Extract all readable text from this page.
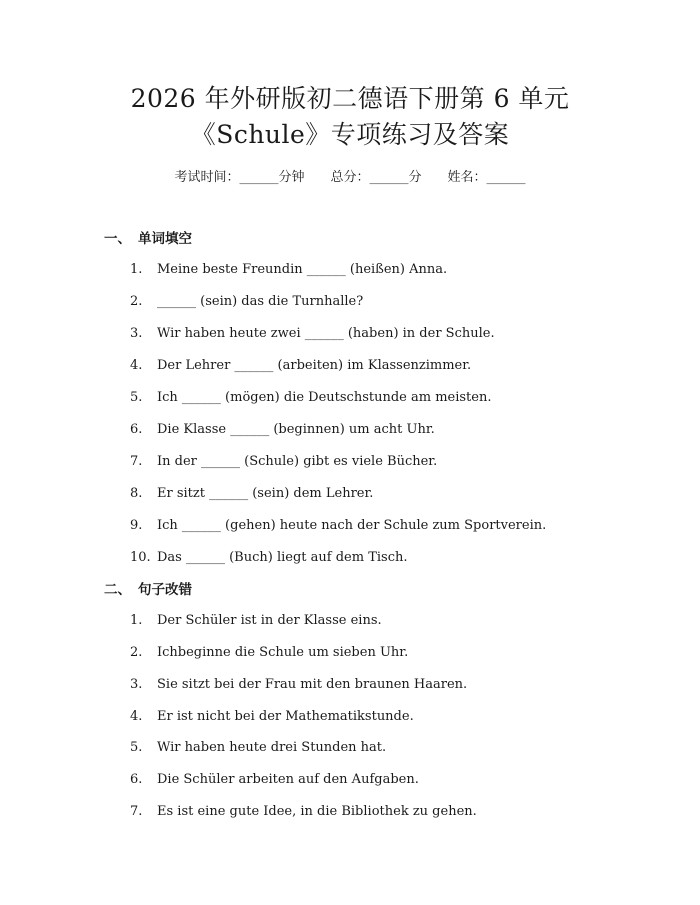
2026 年外研版初二德语下册第 6 单元
《Schule》专项练习及答案
考试时间：______分钟 总分：______分 姓名：______
一、 单词填空
1. Meine beste Freundin ______ (heißen) Anna.
2. ______ (sein) das die Turnhalle?
3. Wir haben heute zwei ______ (haben) in der Schule.
4. Der Lehrer ______ (arbeiten) im Klassenzimmer.
5. Ich ______ (mögen) die Deutschstunde am meisten.
6. Die Klasse ______ (beginnen) um acht Uhr.
7. In der ______ (Schule) gibt es viele Bücher.
8. Er sitzt ______ (sein) dem Lehrer.
9. Ich ______ (gehen) heute nach der Schule zum Sportverein.
10. Das ______ (Buch) liegt auf dem Tisch.
二、 句子改错
1. Der Schüler ist in der Klasse eins.
2. Ichbeginne die Schule um sieben Uhr.
3. Sie sitzt bei der Frau mit den braunen Haaren.
4. Er ist nicht bei der Mathematikstunde.
5. Wir haben heute drei Stunden hat.
6. Die Schüler arbeiten auf den Aufgaben.
7. Es ist eine gute Idee, in die Bibliothek zu gehen.
